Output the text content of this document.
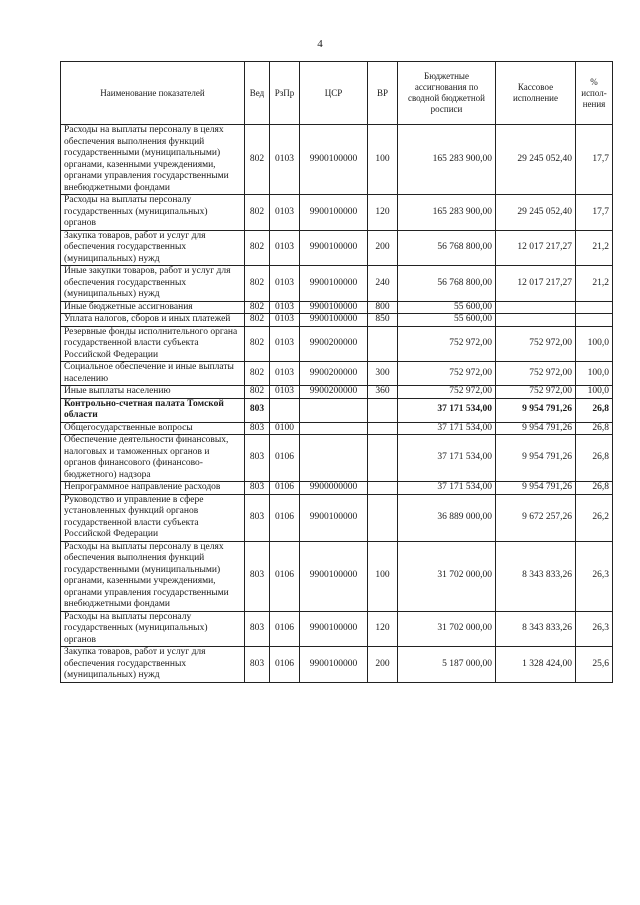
4
Наименование показателей	Вед	РзПр	ЦСР	ВР	Бюджетные ассигнования по сводной бюджетной росписи	Кассовое исполнение	% испол-нения
Расходы на выплаты персоналу в целях обеспечения выполнения функций государственными (муниципальными) органами, казенными учреждениями, органами управления государственными внебюджетными фондами	802	0103	9900100000	100	165 283 900,00	29 245 052,40	17,7
Расходы на выплаты персоналу государственных (муниципальных) органов	802	0103	9900100000	120	165 283 900,00	29 245 052,40	17,7
Закупка товаров, работ и услуг для обеспечения государственных (муниципальных) нужд	802	0103	9900100000	200	56 768 800,00	12 017 217,27	21,2
Иные закупки товаров, работ и услуг для обеспечения государственных (муниципальных) нужд	802	0103	9900100000	240	56 768 800,00	12 017 217,27	21,2
Иные бюджетные ассигнования	802	0103	9900100000	800	55 600,00		
Уплата налогов, сборов и иных платежей	802	0103	9900100000	850	55 600,00		
Резервные фонды исполнительного органа государственной власти субъекта Российской Федерации	802	0103	9900200000		752 972,00	752 972,00	100,0
Социальное обеспечение и иные выплаты населению	802	0103	9900200000	300	752 972,00	752 972,00	100,0
Иные выплаты населению	802	0103	9900200000	360	752 972,00	752 972,00	100,0
Контрольно-счетная палата Томской области	803				37 171 534,00	9 954 791,26	26,8
Общегосударственные вопросы	803	0100			37 171 534,00	9 954 791,26	26,8
Обеспечение деятельности финансовых, налоговых и таможенных органов и органов финансового (финансово-бюджетного) надзора	803	0106			37 171 534,00	9 954 791,26	26,8
Непрограммное направление расходов	803	0106	9900000000		37 171 534,00	9 954 791,26	26,8
Руководство и управление в сфере установленных функций органов государственной власти субъекта Российской Федерации	803	0106	9900100000		36 889 000,00	9 672 257,26	26,2
Расходы на выплаты персоналу в целях обеспечения выполнения функций государственными (муниципальными) органами, казенными учреждениями, органами управления государственными внебюджетными фондами	803	0106	9900100000	100	31 702 000,00	8 343 833,26	26,3
Расходы на выплаты персоналу государственных (муниципальных) органов	803	0106	9900100000	120	31 702 000,00	8 343 833,26	26,3
Закупка товаров, работ и услуг для обеспечения государственных (муниципальных) нужд	803	0106	9900100000	200	5 187 000,00	1 328 424,00	25,6
